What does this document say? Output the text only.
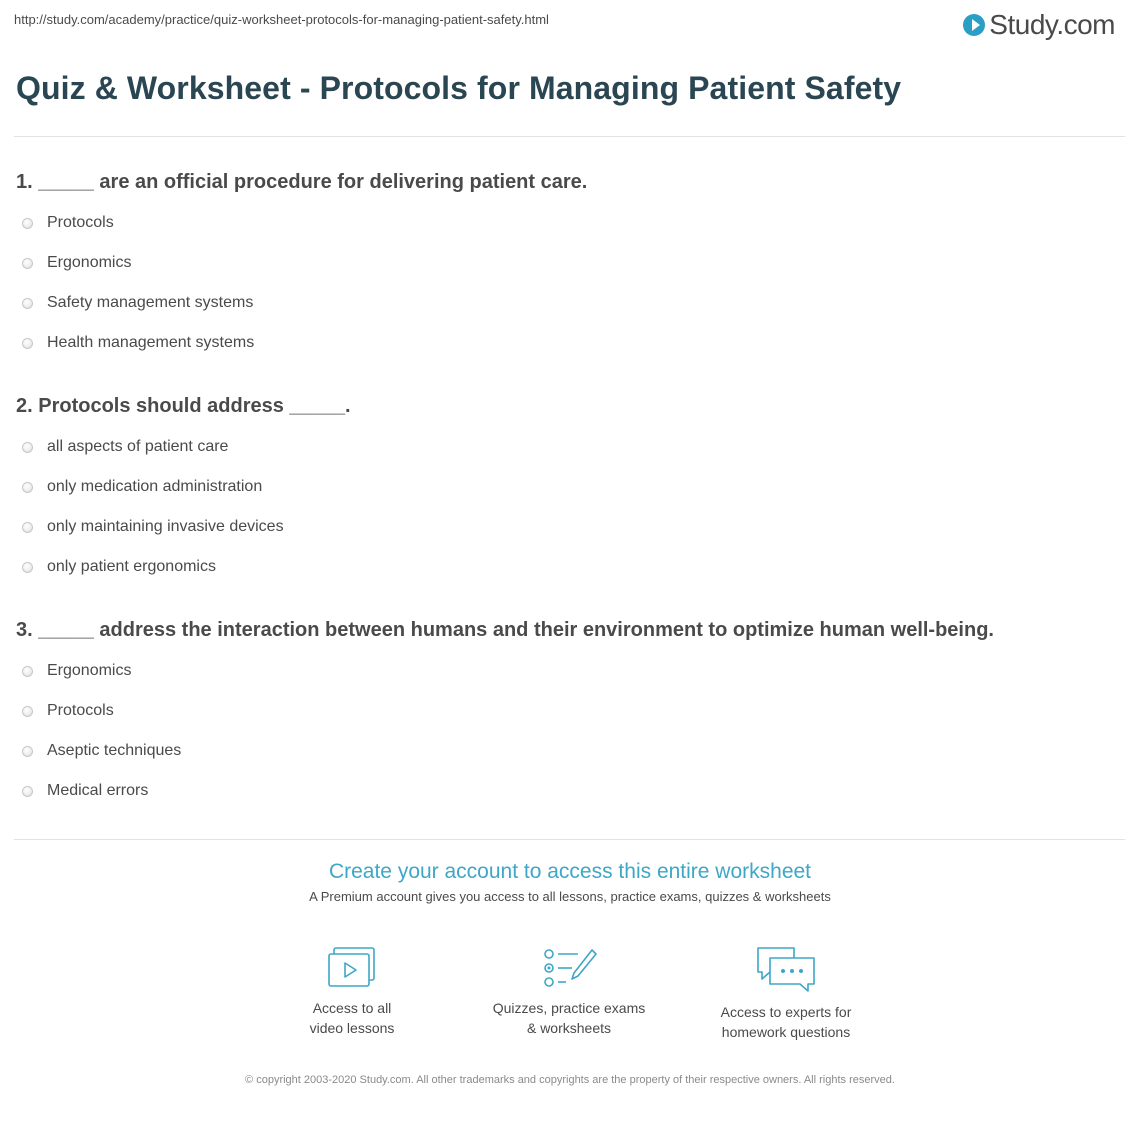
http://study.com/academy/practice/quiz-worksheet-protocols-for-managing-patient-safety.html	Study.com
Quiz & Worksheet - Protocols for Managing Patient Safety
1. _____ are an official procedure for delivering patient care.
Protocols
Ergonomics
Safety management systems
Health management systems
2. Protocols should address _____.
all aspects of patient care
only medication administration
only maintaining invasive devices
only patient ergonomics
3. _____ address the interaction between humans and their environment to optimize human well-being.
Ergonomics
Protocols
Aseptic techniques
Medical errors
Create your account to access this entire worksheet
A Premium account gives you access to all lessons, practice exams, quizzes & worksheets
Access to all
video lessons
Quizzes, practice exams
& worksheets
Access to experts for
homework questions
© copyright 2003-2020 Study.com. All other trademarks and copyrights are the property of their respective owners. All rights reserved.
